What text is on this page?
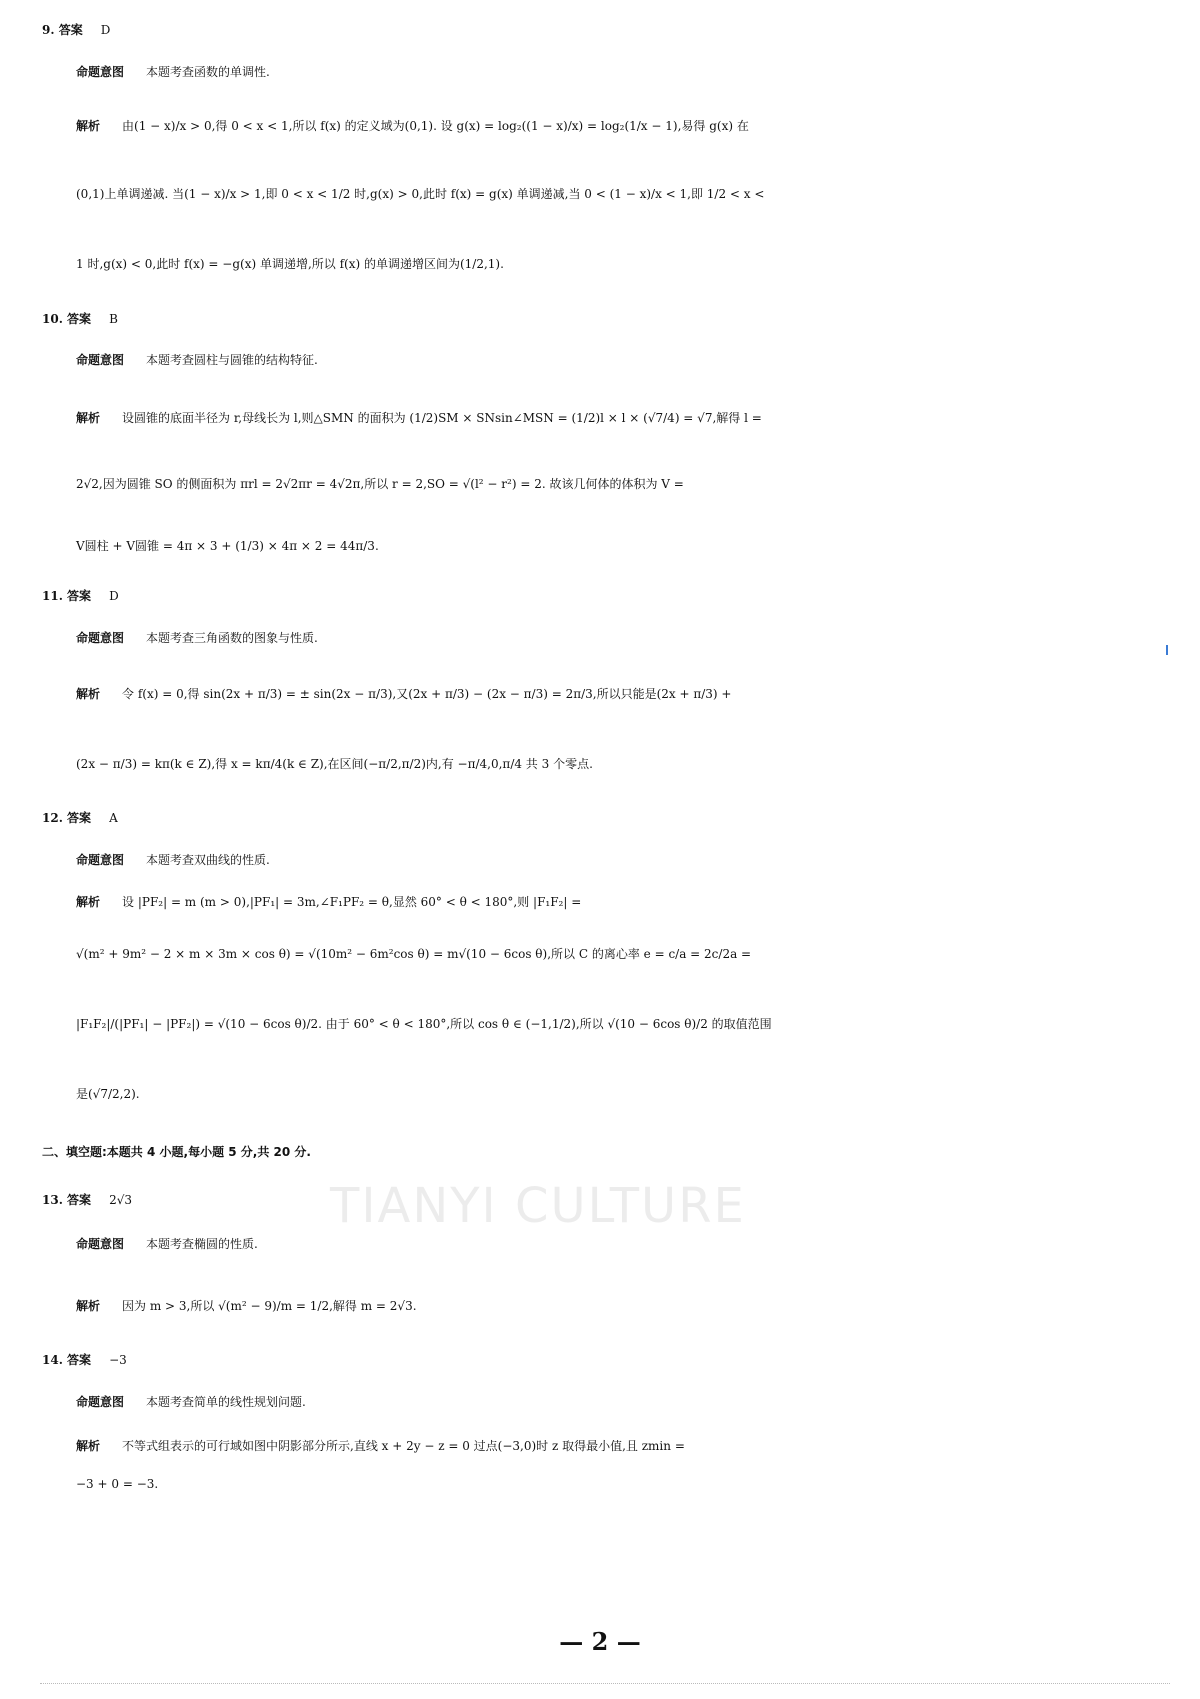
9. 答案 D
命题意图 本题考查函数的单调性.
解析 由(1 − x)/x > 0,得 0 < x < 1,所以 f(x) 的定义域为(0,1). 设 g(x) = log₂((1 − x)/x) = log₂(1/x − 1),易得 g(x) 在
(0,1)上单调递减. 当(1 − x)/x > 1,即 0 < x < 1/2 时,g(x) > 0,此时 f(x) = g(x) 单调递减,当 0 < (1 − x)/x < 1,即 1/2 < x <
1 时,g(x) < 0,此时 f(x) = −g(x) 单调递增,所以 f(x) 的单调递增区间为(1/2,1).
10. 答案 B
命题意图 本题考查圆柱与圆锥的结构特征.
解析 设圆锥的底面半径为 r,母线长为 l,则△SMN 的面积为 (1/2)SM × SNsin∠MSN = (1/2)l × l × (√7/4) = √7,解得 l =
2√2,因为圆锥 SO 的侧面积为 πrl = 2√2πr = 4√2π,所以 r = 2,SO = √(l² − r²) = 2. 故该几何体的体积为 V =
V圆柱 + V圆锥 = 4π × 3 + (1/3) × 4π × 2 = 44π/3.
11. 答案 D
命题意图 本题考查三角函数的图象与性质.
解析 令 f(x) = 0,得 sin(2x + π/3) = ± sin(2x − π/3),又(2x + π/3) − (2x − π/3) = 2π/3,所以只能是(2x + π/3) +
(2x − π/3) = kπ(k ∈ Z),得 x = kπ/4(k ∈ Z),在区间(−π/2,π/2)内,有 −π/4,0,π/4 共 3 个零点.
12. 答案 A
命题意图 本题考查双曲线的性质.
解析 设 |PF₂| = m (m > 0),|PF₁| = 3m,∠F₁PF₂ = θ,显然 60° < θ < 180°,则 |F₁F₂| =
√(m² + 9m² − 2 × m × 3m × cos θ) = √(10m² − 6m²cos θ) = m√(10 − 6cos θ),所以 C 的离心率 e = c/a = 2c/2a =
|F₁F₂|/(|PF₁| − |PF₂|) = √(10 − 6cos θ)/2. 由于 60° < θ < 180°,所以 cos θ ∈ (−1,1/2),所以 √(10 − 6cos θ)/2 的取值范围
是(√7/2,2).
TIANYI CULTURE
二、填空题:本题共 4 小题,每小题 5 分,共 20 分.
13. 答案 2√3
命题意图 本题考查椭圆的性质.
解析 因为 m > 3,所以 √(m² − 9)/m = 1/2,解得 m = 2√3.
14. 答案 −3
命题意图 本题考查简单的线性规划问题.
解析 不等式组表示的可行域如图中阴影部分所示,直线 x + 2y − z = 0 过点(−3,0)时 z 取得最小值,且 zmin =
−3 + 0 = −3.
— 2 —
